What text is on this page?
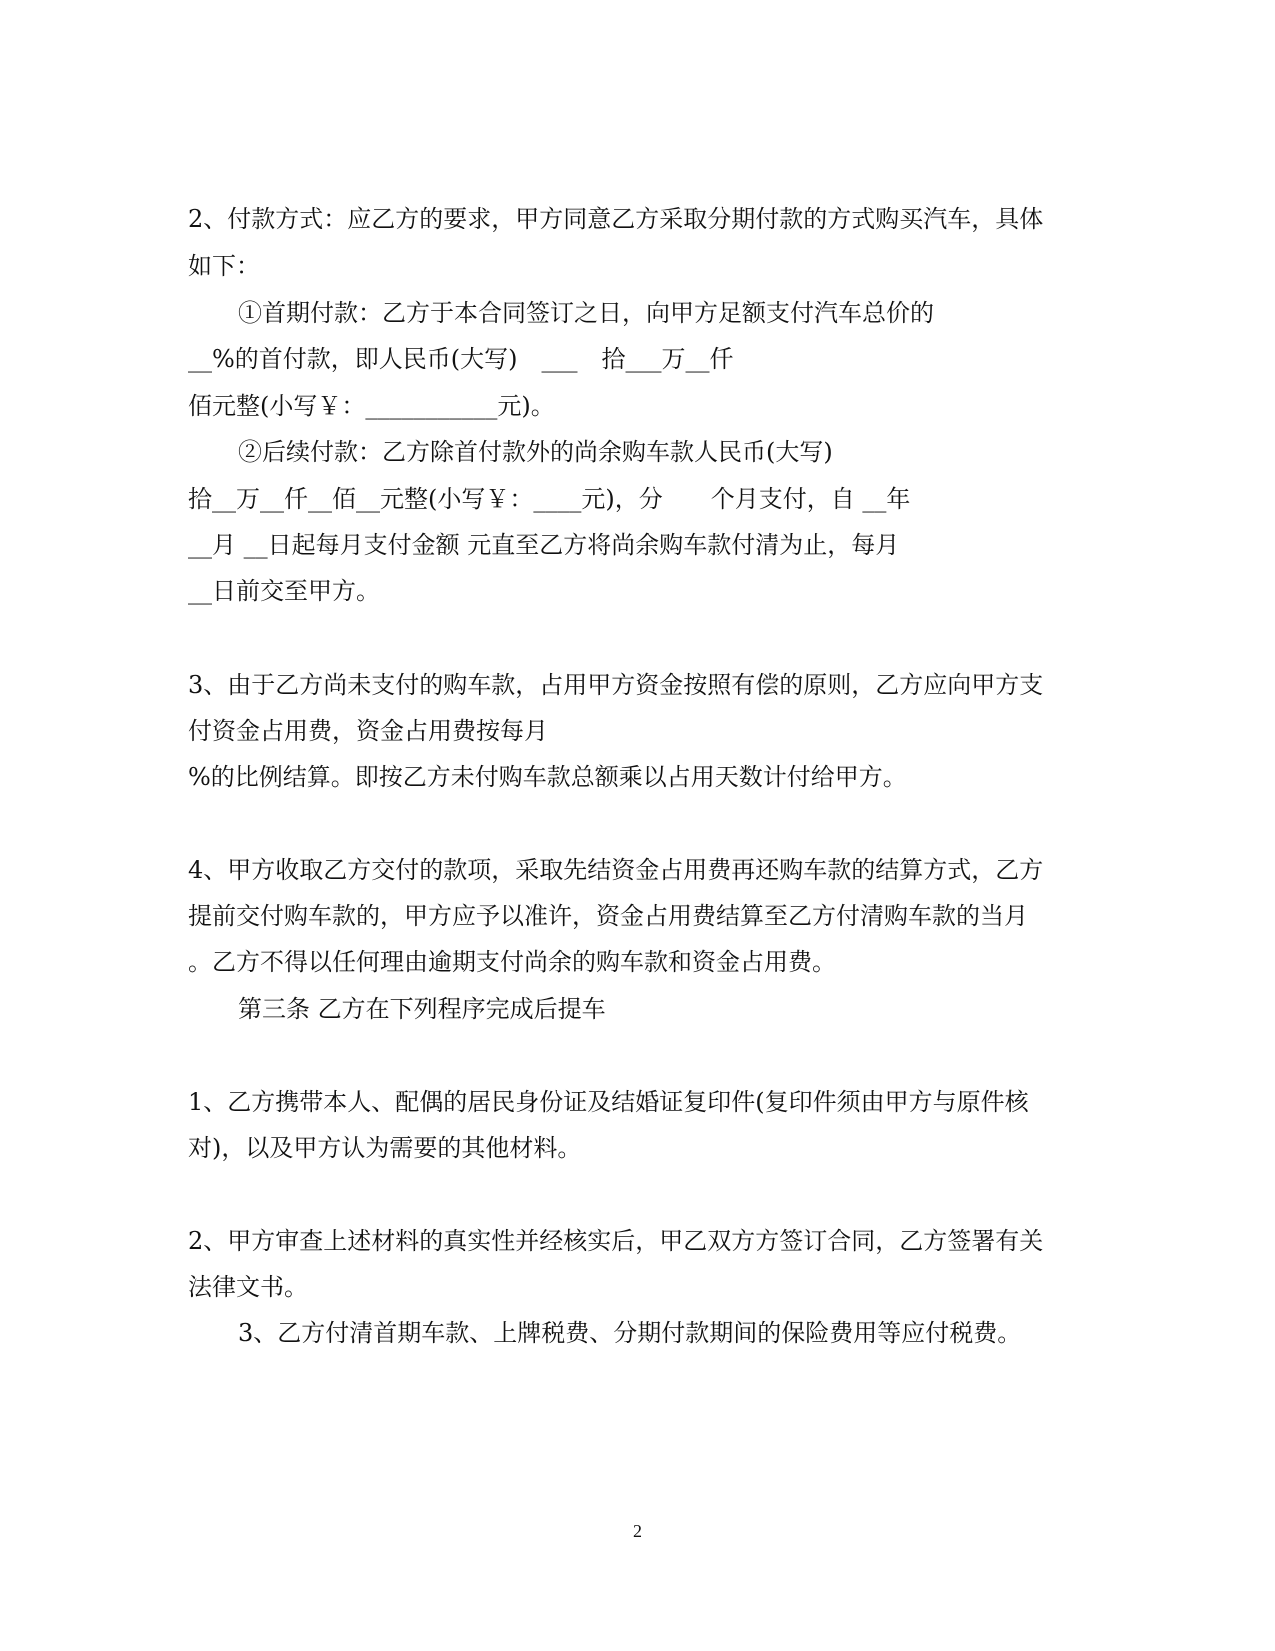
2、付款方式：应乙方的要求，甲方同意乙方采取分期付款的方式购买汽车，具体

如下：

①首期付款：乙方于本合同签订之日，向甲方足额支付汽车总价的

__%的首付款，即人民币(大写)　___　拾___万__仟

佰元整(小写￥：___________元)。

②后续付款：乙方除首付款外的尚余购车款人民币(大写)

拾__万__仟__佰__元整(小写￥：____元)，分　　个月支付，自 __年

__月 __日起每月支付金额 元直至乙方将尚余购车款付清为止，每月

__日前交至甲方。

3、由于乙方尚未支付的购车款，占用甲方资金按照有偿的原则，乙方应向甲方支

付资金占用费，资金占用费按每月

%的比例结算。即按乙方未付购车款总额乘以占用天数计付给甲方。

4、甲方收取乙方交付的款项，采取先结资金占用费再还购车款的结算方式，乙方

提前交付购车款的，甲方应予以准许，资金占用费结算至乙方付清购车款的当月

。乙方不得以任何理由逾期支付尚余的购车款和资金占用费。

第三条 乙方在下列程序完成后提车

1、乙方携带本人、配偶的居民身份证及结婚证复印件(复印件须由甲方与原件核

对)，以及甲方认为需要的其他材料。

2、甲方审查上述材料的真实性并经核实后，甲乙双方方签订合同，乙方签署有关

法律文书。

3、乙方付清首期车款、上牌税费、分期付款期间的保险费用等应付税费。

2
